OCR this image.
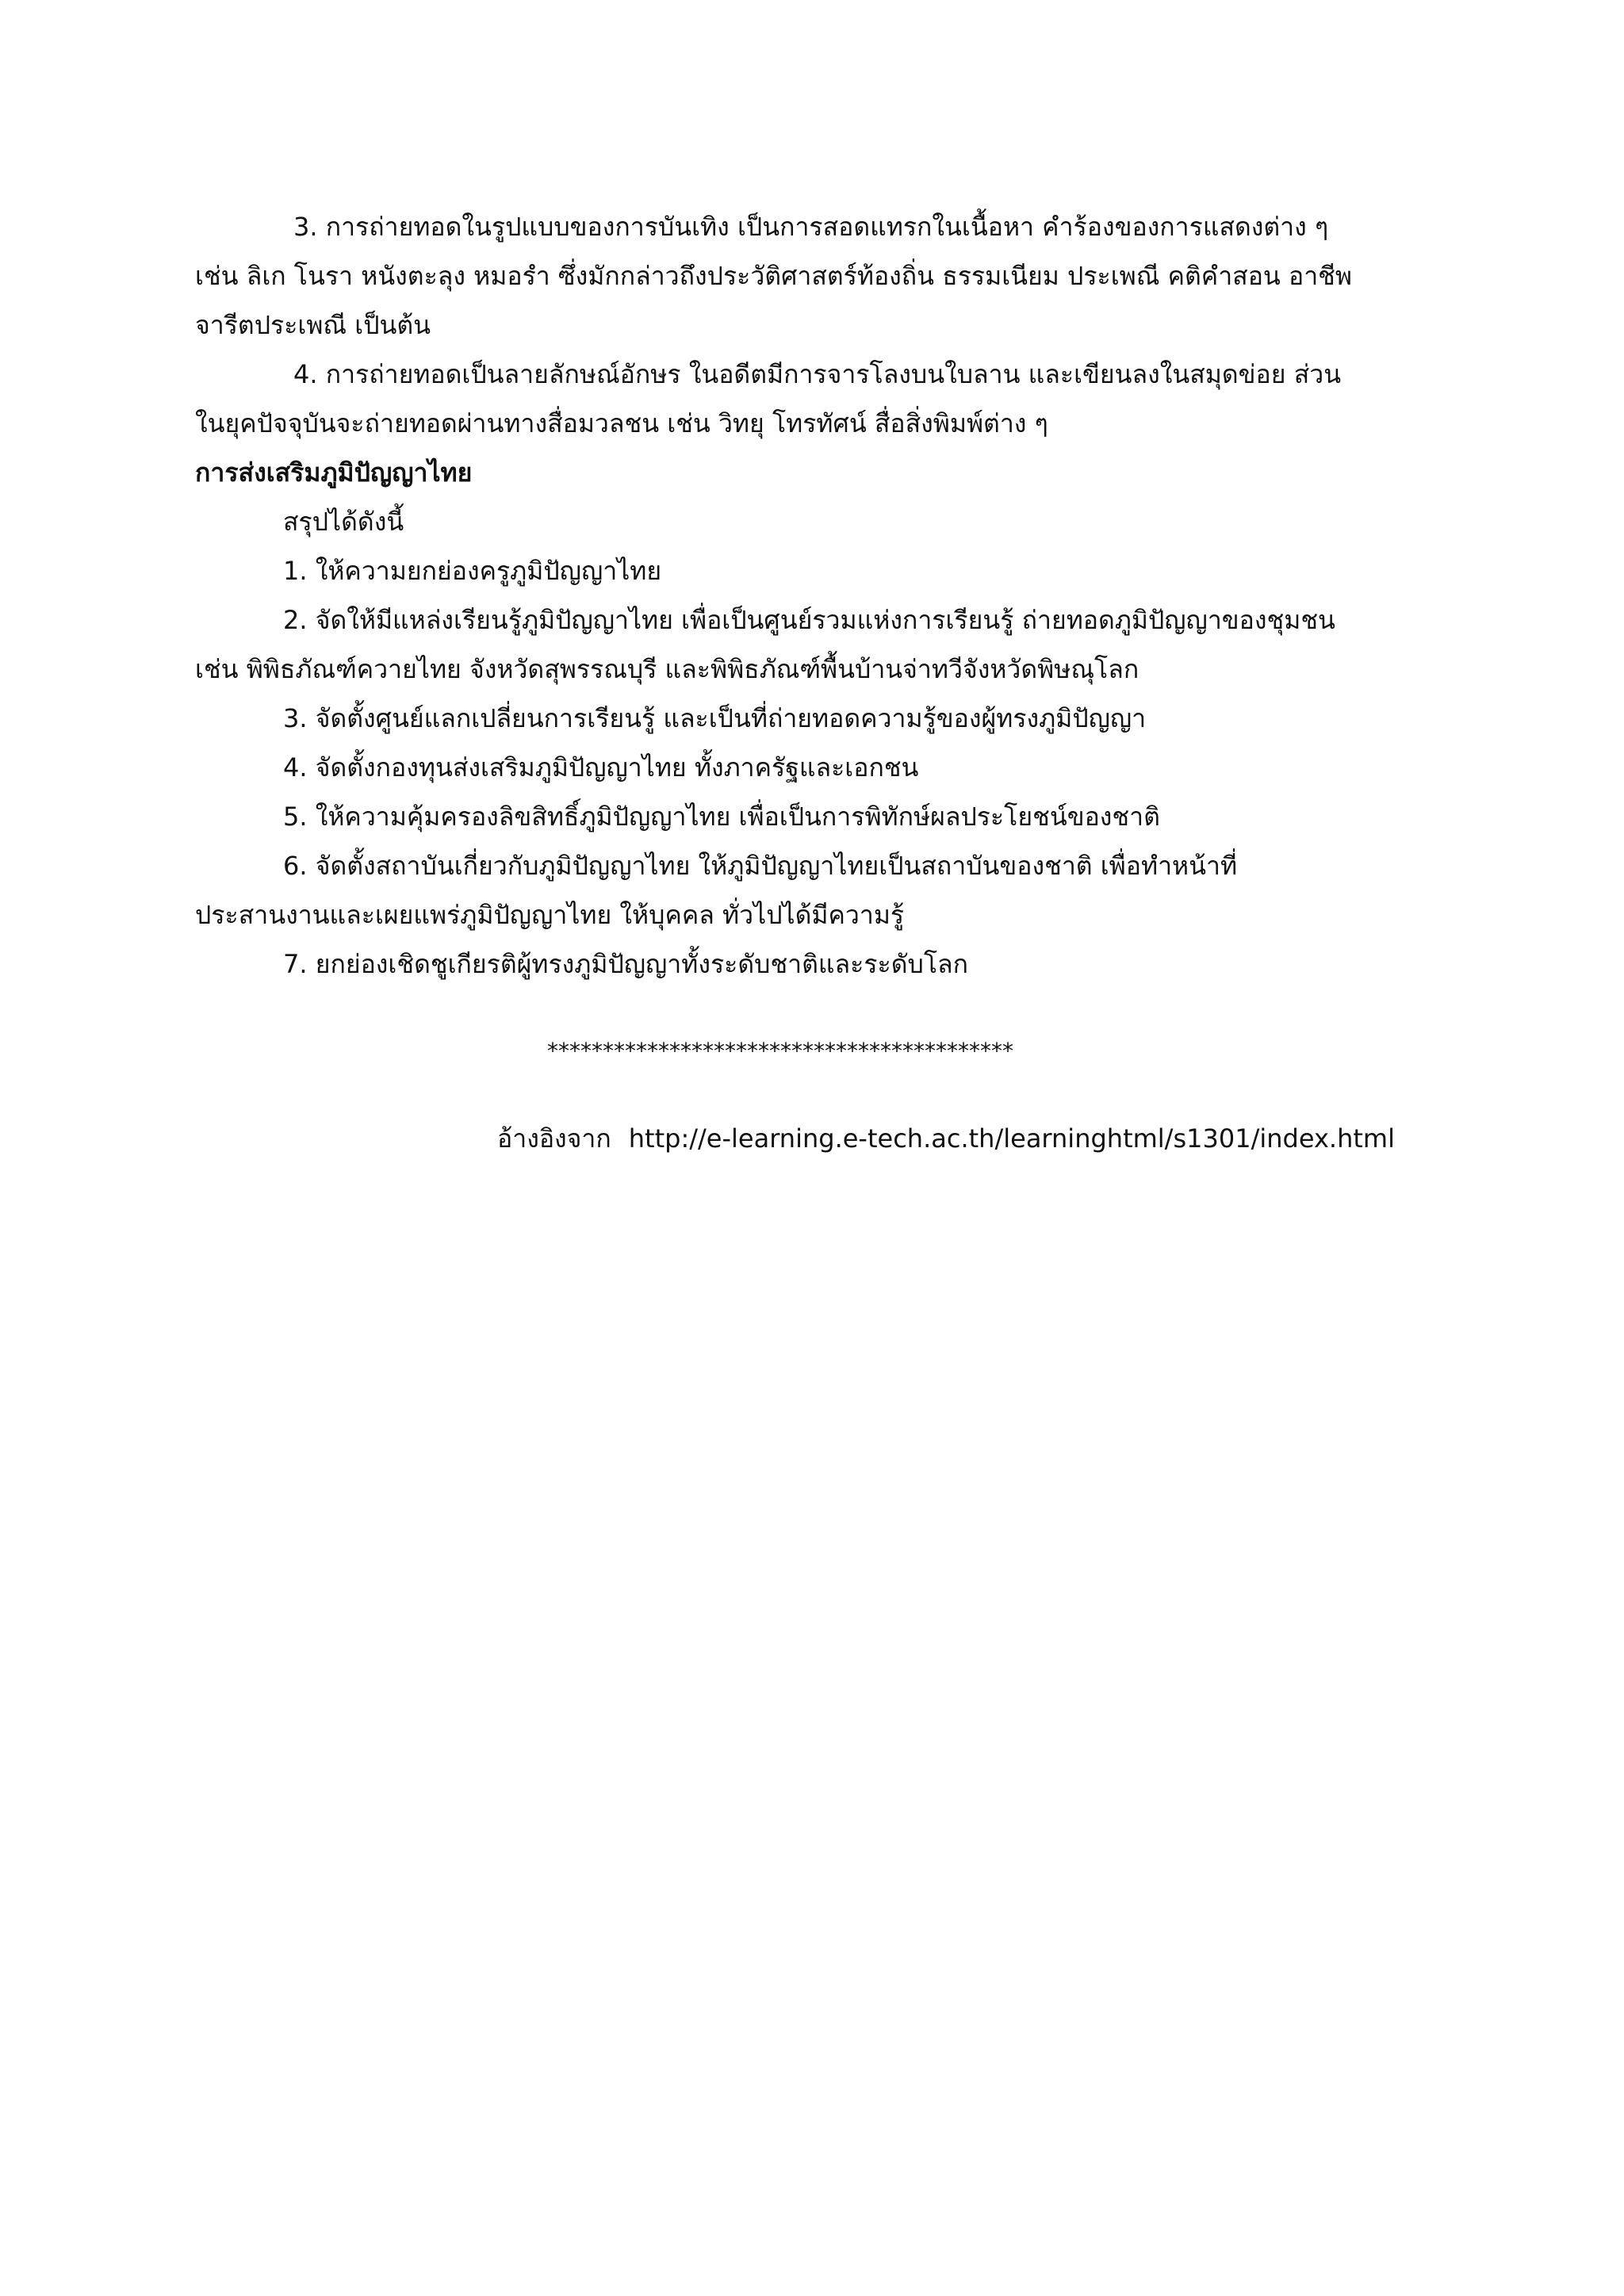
3. การถ่ายทอดในรูปแบบของการบันเทิง เป็นการสอดแทรกในเนื้อหา คำร้องของการแสดงต่าง ๆ

เช่น ลิเก โนรา หนังตะลุง หมอรำ ซึ่งมักกล่าวถึงประวัติศาสตร์ท้องถิ่น ธรรมเนียม ประเพณี คติคำสอน อาชีพ

จารีตประเพณี เป็นต้น

4. การถ่ายทอดเป็นลายลักษณ์อักษร ในอดีตมีการจารโลงบนใบลาน และเขียนลงในสมุดข่อย ส่วน

ในยุคปัจจุบันจะถ่ายทอดผ่านทางสื่อมวลชน เช่น วิทยุ โทรทัศน์ สื่อสิ่งพิมพ์ต่าง ๆ

การส่งเสริมภูมิปัญญาไทย

สรุปได้ดังนี้

1. ให้ความยกย่องครูภูมิปัญญาไทย

2. จัดให้มีแหล่งเรียนรู้ภูมิปัญญาไทย เพื่อเป็นศูนย์รวมแห่งการเรียนรู้ ถ่ายทอดภูมิปัญญาของชุมชน

เช่น พิพิธภัณฑ์ควายไทย จังหวัดสุพรรณบุรี และพิพิธภัณฑ์พื้นบ้านจ่าทวีจังหวัดพิษณุโลก

3. จัดตั้งศูนย์แลกเปลี่ยนการเรียนรู้ และเป็นที่ถ่ายทอดความรู้ของผู้ทรงภูมิปัญญา

4. จัดตั้งกองทุนส่งเสริมภูมิปัญญาไทย ทั้งภาครัฐและเอกชน

5. ให้ความคุ้มครองลิขสิทธิ์ภูมิปัญญาไทย เพื่อเป็นการพิทักษ์ผลประโยชน์ของชาติ

6. จัดตั้งสถาบันเกี่ยวกับภูมิปัญญาไทย ให้ภูมิปัญญาไทยเป็นสถาบันของชาติ เพื่อทำหน้าที่

ประสานงานและเผยแพร่ภูมิปัญญาไทย ให้บุคคล ทั่วไปได้มีความรู้

7. ยกย่องเชิดชูเกียรติผู้ทรงภูมิปัญญาทั้งระดับชาติและระดับโลก

******************************************
อ้างอิงจาก http://e-learning.e-tech.ac.th/learninghtml/s1301/index.html
